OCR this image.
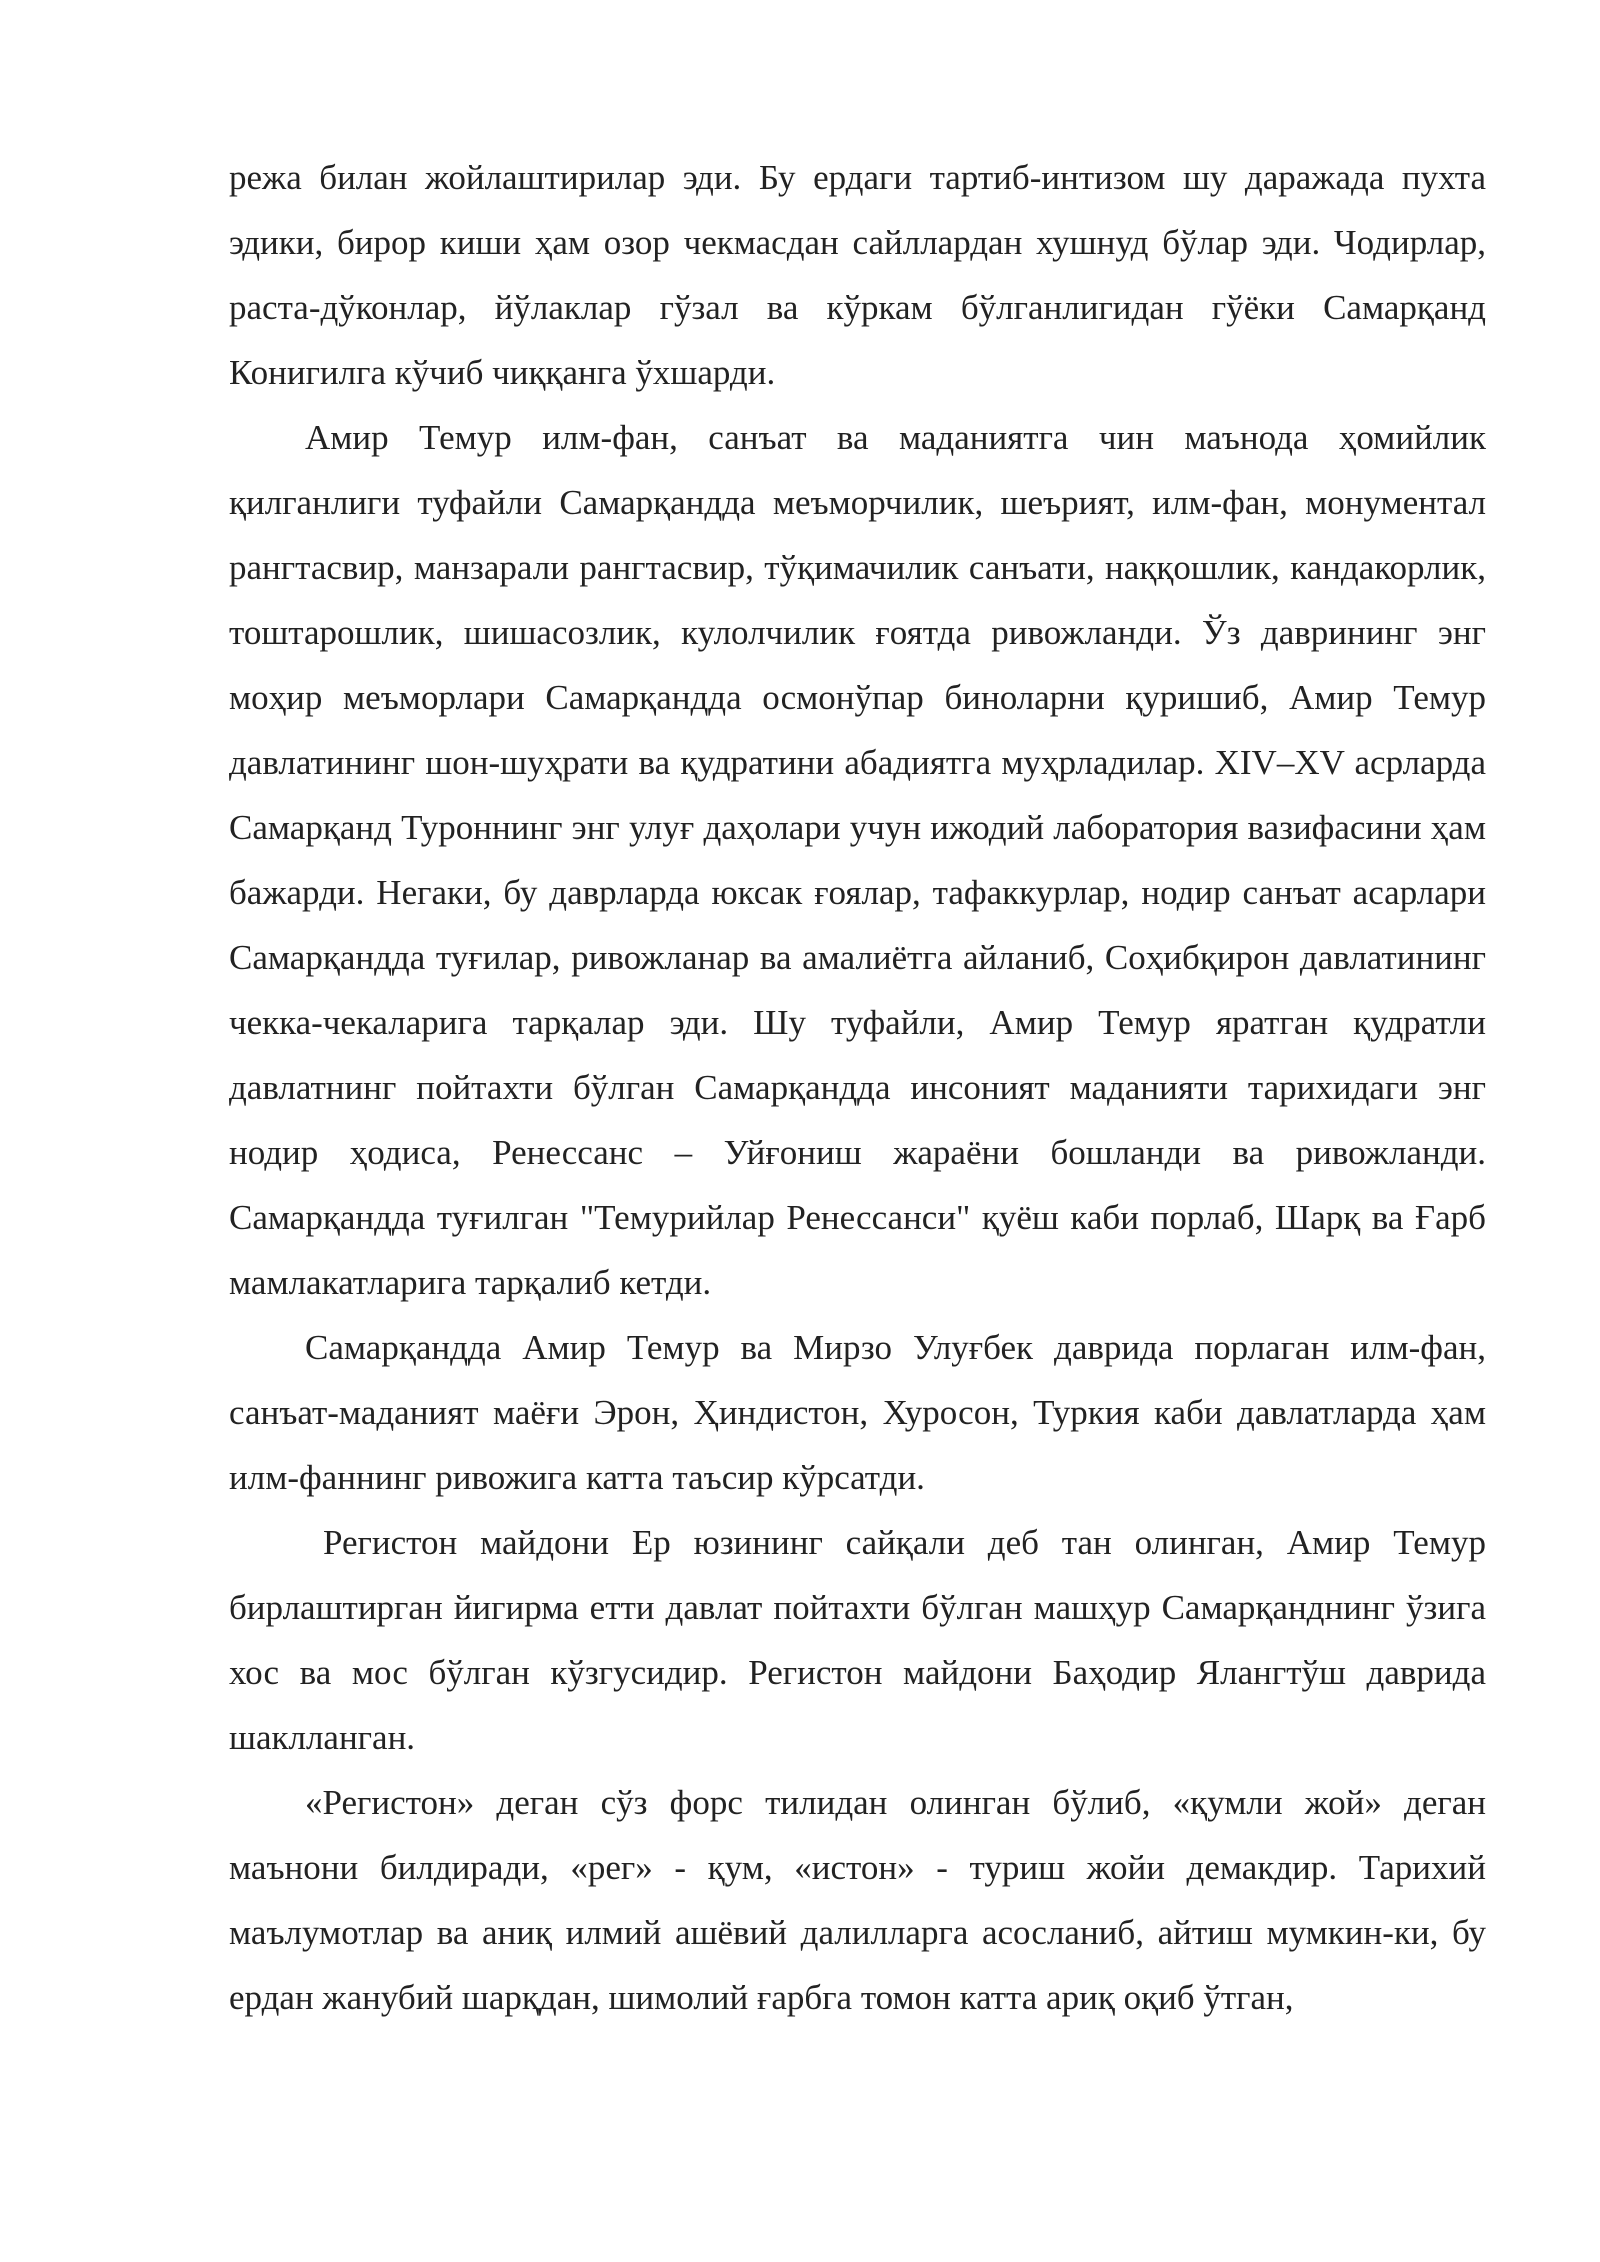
режа билан жойлаштирилар эди. Бу ердаги тартиб-интизом шу даражада пухта эдики, бирор киши ҳам озор чекмасдан сайллардан хушнуд бўлар эди. Чодирлар, раста-дўконлар, йўлаклар гўзал ва кўркам бўлганлигидан гўёки Самарқанд Конигилга кўчиб чиққанга ўхшарди.

Амир Темур илм-фан, санъат ва маданиятга чин маънода ҳомийлик қилганлиги туфайли Самарқандда меъморчилик, шеърият, илм-фан, монументал рангтасвир, манзарали рангтасвир, тўқимачилик санъати, наққошлик, кандакорлик, тоштарошлик, шишасозлик, кулолчилик ғоятда ривожланди. Ўз даврининг энг моҳир меъморлари Самарқандда осмонўпар биноларни қуришиб, Амир Темур давлатининг шон-шуҳрати ва қудратини абадиятга муҳрладилар. XIV–XV асрларда Самарқанд Туроннинг энг улуғ даҳолари учун ижодий лаборатория вазифасини ҳам бажарди. Негаки, бу даврларда юксак ғоялар, тафаккурлар, нодир санъат асарлари Самарқандда туғилар, ривожланар ва амалиётга айланиб, Соҳибқирон давлатининг чекка-чекаларига тарқалар эди. Шу туфайли, Амир Темур яратган қудратли давлатнинг пойтахти бўлган Самарқандда инсоният маданияти тарихидаги энг нодир ҳодиса, Ренессанс – Уйғониш жараёни бошланди ва ривожланди. Самарқандда туғилган "Темурийлар Ренессанси" қуёш каби порлаб, Шарқ ва Ғарб мамлакатларига тарқалиб кетди.

Самарқандда Амир Темур ва Мирзо Улуғбек даврида порлаган илм-фан, санъат-маданият маёғи Эрон, Ҳиндистон, Хуросон, Туркия каби давлатларда ҳам илм-фаннинг ривожига катта таъсир кўрсатди.

Регистон майдони Ер юзининг сайқали деб тан олинган, Амир Темур бирлаштирган йигирма етти давлат пойтахти бўлган машҳур Самарқанднинг ўзига хос ва мос бўлган кўзгусидир. Регистон майдони Баҳодир Ялангтўш даврида шаклланган.

«Регистон» деган сўз форс тилидан олинган бўлиб, «қумли жой» деган маънони билдиради, «рег» - қум, «истон» - туриш жойи демакдир. Тарихий маълумотлар ва аниқ илмий ашёвий далилларга асосланиб, айтиш мумкин-ки, бу ердан жанубий шарқдан, шимолий ғарбга томон катта ариқ оқиб ўтган,
